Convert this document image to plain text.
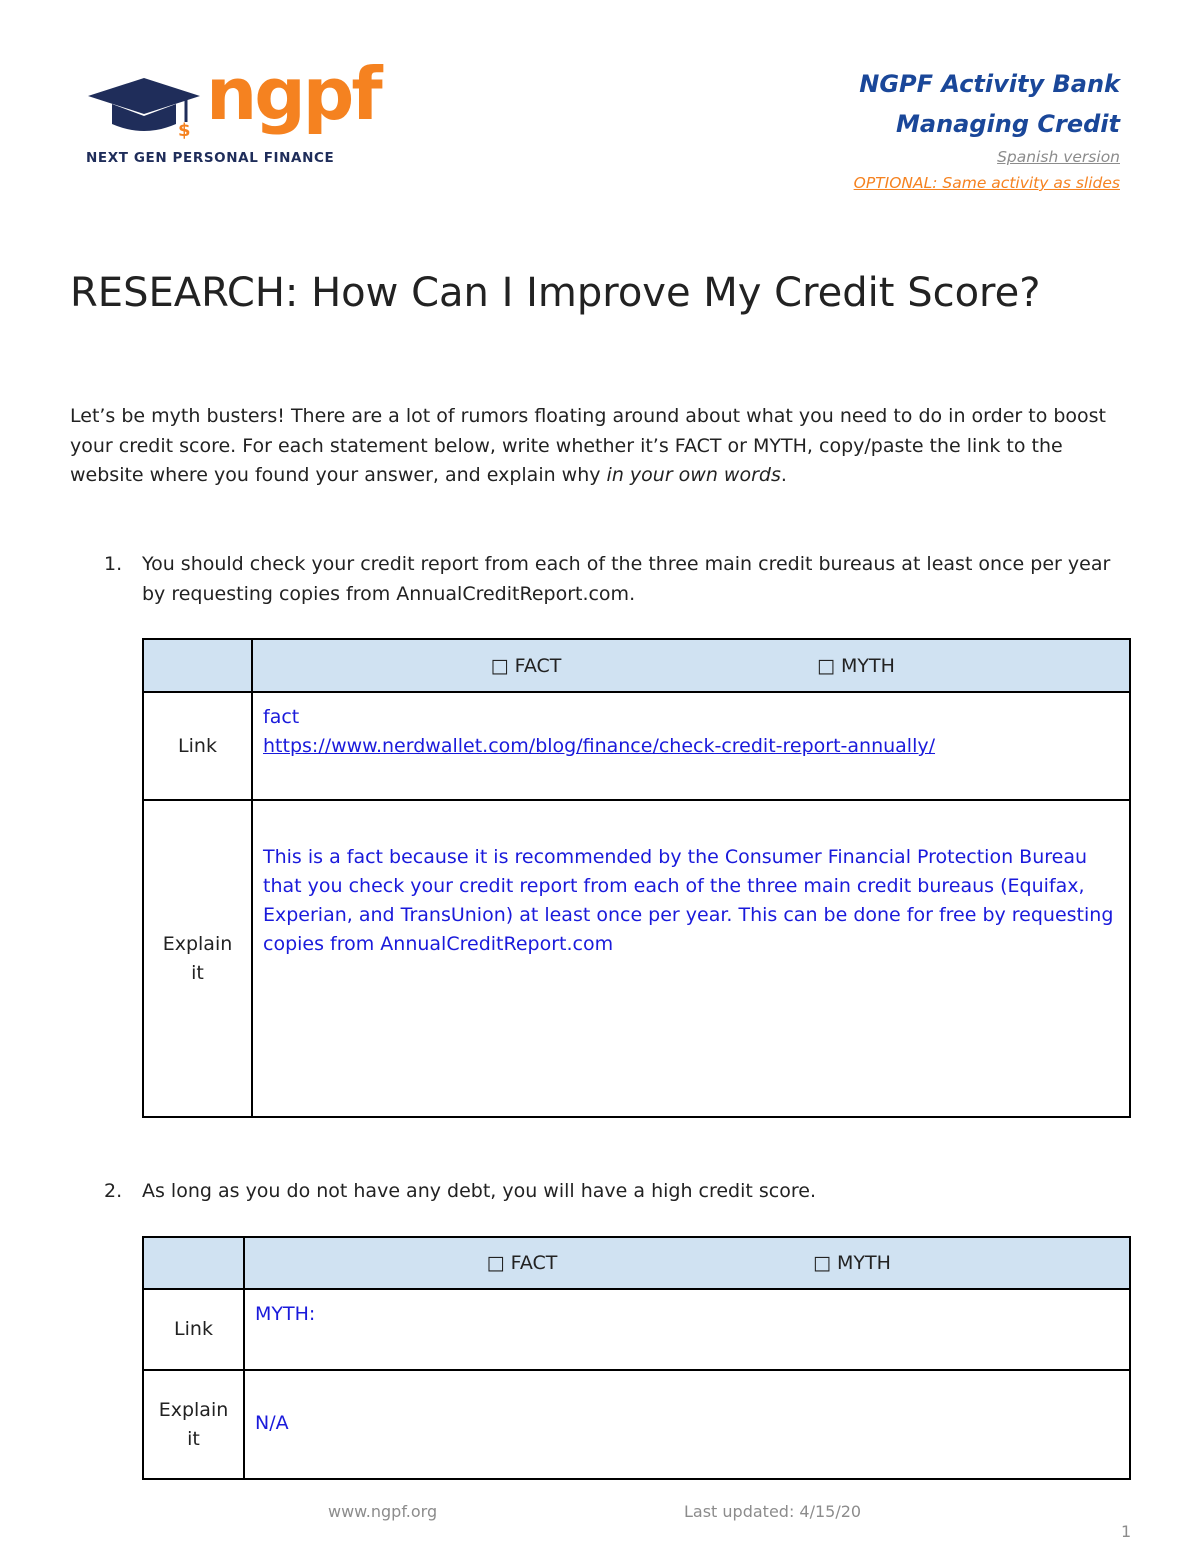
$ ngpf
NEXT GEN PERSONAL FINANCE
NGPF Activity Bank
Managing Credit
Spanish version
OPTIONAL: Same activity as slides
RESEARCH: How Can I Improve My Credit Score?
Let’s be myth busters! There are a lot of rumors floating around about what you need to do in order to boost your credit score. For each statement below, write whether it’s FACT or MYTH, copy/paste the link to the website where you found your answer, and explain why in your own words.
1. You should check your credit report from each of the three main credit bureaus at least once per year by requesting copies from AnnualCreditReport.com.

	□ FACT □ MYTH

Link	fact
https://www.nerdwallet.com/blog/finance/check-credit-report-annually/
Explain it	This is a fact because it is recommended by the Consumer Financial Protection Bureau that you check your credit report from each of the three main credit bureaus (Equifax, Experian, and TransUnion) at least once per year. This can be done for free by requesting copies from AnnualCreditReport.com
2. As long as you do not have any debt, you will have a high credit score.

	□ FACT □ MYTH

Link	MYTH:
Explain it	N/A
www.ngpf.org	Last updated: 4/15/20
1
